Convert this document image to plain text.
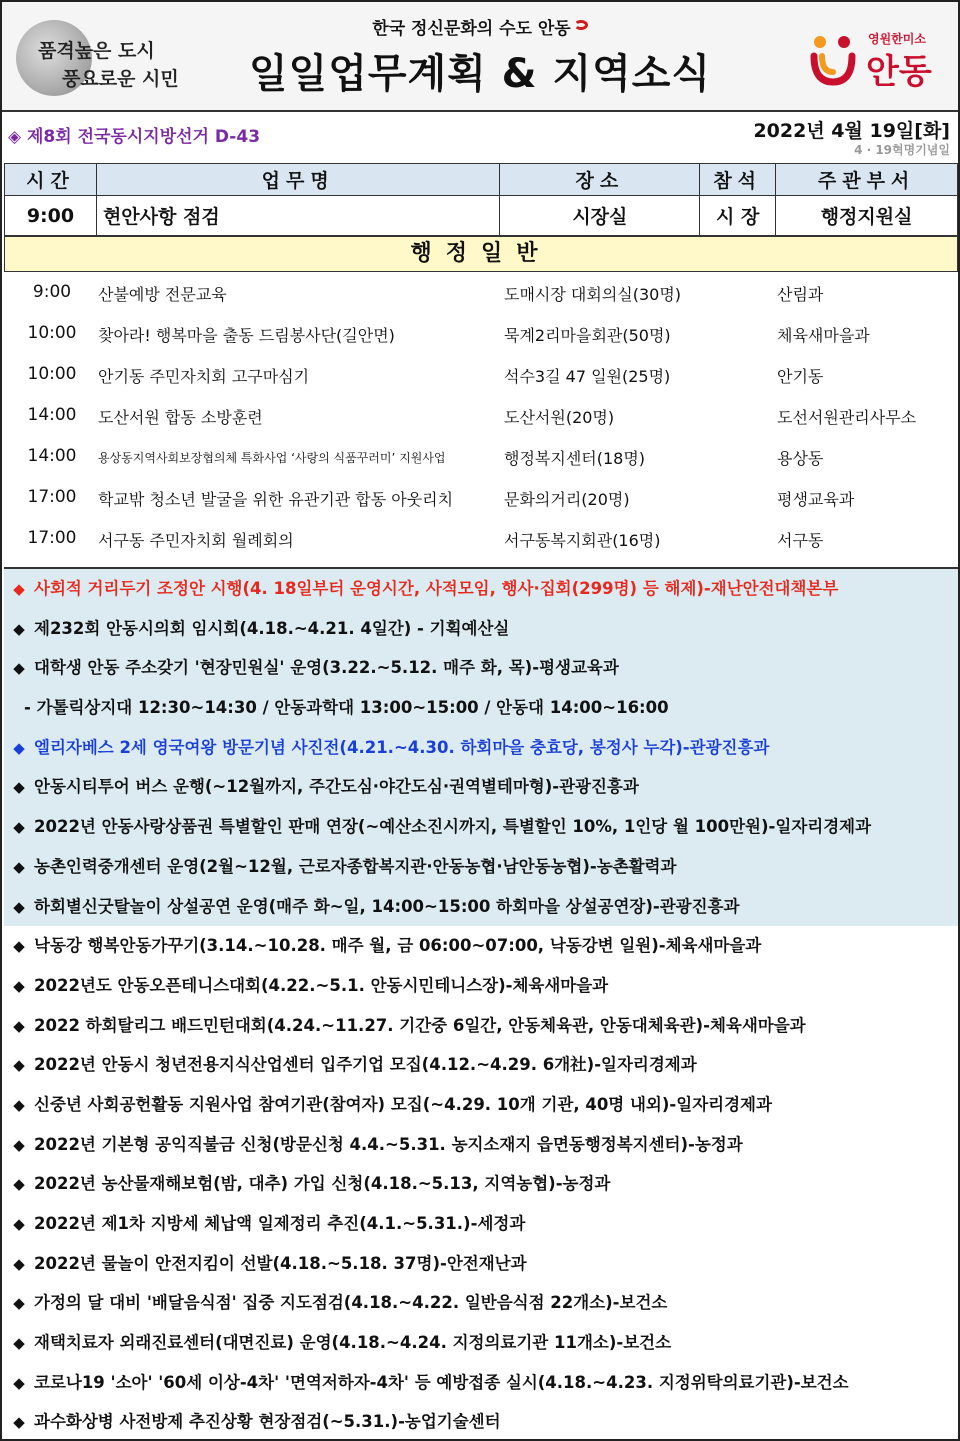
품격높은 도시
풍요로운 시민
한국 정신문화의 수도 안동
일일업무계획 & 지역소식
영원한미소
안동
◈ 제8회 전국동시지방선거 D-43	2022년 4월 19일[화]
4 · 19혁명기념일
시간	업무명	장소	참석	주관부서
9:00	현안사항 점검	시장실	시 장	행정지원실
행정일반
9:00	산불예방 전문교육	도매시장 대회의실(30명)	산림과
10:00 찾아라! 행복마을 출동 드림봉사단(길안면)	묵계2리마을회관(50명)	체육새마을과
10:00 안기동 주민자치회 고구마심기	석수3길 47 일원(25명)	안기동
14:00 도산서원 합동 소방훈련	도산서원(20명)	도선서원관리사무소
14:00 용상동지역사회보장협의체 특화사업 ‘사랑의 식품꾸러미’ 지원사업	행정복지센터(18명)	용상동
17:00 학교밖 청소년 발굴을 위한 유관기관 합동 아웃리치	문화의거리(20명)	평생교육과
17:00 서구동 주민자치회 월례회의	서구동복지회관(16명)	서구동
◆ 사회적 거리두기 조정안 시행(4. 18일부터 운영시간, 사적모임, 행사·집회(299명) 등 해제)-재난안전대책본부
◆ 제232회 안동시의회 임시회(4.18.~4.21. 4일간) - 기획예산실
◆ 대학생 안동 주소갖기 '현장민원실' 운영(3.22.~5.12. 매주 화, 목)-평생교육과
- 가톨릭상지대 12:30~14:30 / 안동과학대 13:00~15:00 / 안동대 14:00~16:00
◆ 엘리자베스 2세 영국여왕 방문기념 사진전(4.21.~4.30. 하회마을 충효당, 봉정사 누각)-관광진흥과
◆ 안동시티투어 버스 운행(~12월까지, 주간도심·야간도심·권역별테마형)-관광진흥과
◆ 2022년 안동사랑상품권 특별할인 판매 연장(~예산소진시까지, 특별할인 10%, 1인당 월 100만원)-일자리경제과
◆ 농촌인력중개센터 운영(2월~12월, 근로자종합복지관·안동농협·남안동농협)-농촌활력과
◆ 하회별신굿탈놀이 상설공연 운영(매주 화~일, 14:00~15:00 하회마을 상설공연장)-관광진흥과
◆ 낙동강 행복안동가꾸기(3.14.~10.28. 매주 월, 금 06:00~07:00, 낙동강변 일원)-체육새마을과
◆ 2022년도 안동오픈테니스대회(4.22.~5.1. 안동시민테니스장)-체육새마을과
◆ 2022 하회탈리그 배드민턴대회(4.24.~11.27. 기간중 6일간, 안동체육관, 안동대체육관)-체육새마을과
◆ 2022년 안동시 청년전용지식산업센터 입주기업 모집(4.12.~4.29. 6개社)-일자리경제과
◆ 신중년 사회공헌활동 지원사업 참여기관(참여자) 모집(~4.29. 10개 기관, 40명 내외)-일자리경제과
◆ 2022년 기본형 공익직불금 신청(방문신청 4.4.~5.31. 농지소재지 읍면동행정복지센터)-농정과
◆ 2022년 농산물재해보험(밤, 대추) 가입 신청(4.18.~5.13, 지역농협)-농정과
◆ 2022년 제1차 지방세 체납액 일제정리 추진(4.1.~5.31.)-세정과
◆ 2022년 물놀이 안전지킴이 선발(4.18.~5.18. 37명)-안전재난과
◆ 가정의 달 대비 '배달음식점' 집중 지도점검(4.18.~4.22. 일반음식점 22개소)-보건소
◆ 재택치료자 외래진료센터(대면진료) 운영(4.18.~4.24. 지정의료기관 11개소)-보건소
◆ 코로나19 '소아' '60세 이상-4차' '면역저하자-4차' 등 예방접종 실시(4.18.~4.23. 지정위탁의료기관)-보건소
◆ 과수화상병 사전방제 추진상황 현장점검(~5.31.)-농업기술센터
